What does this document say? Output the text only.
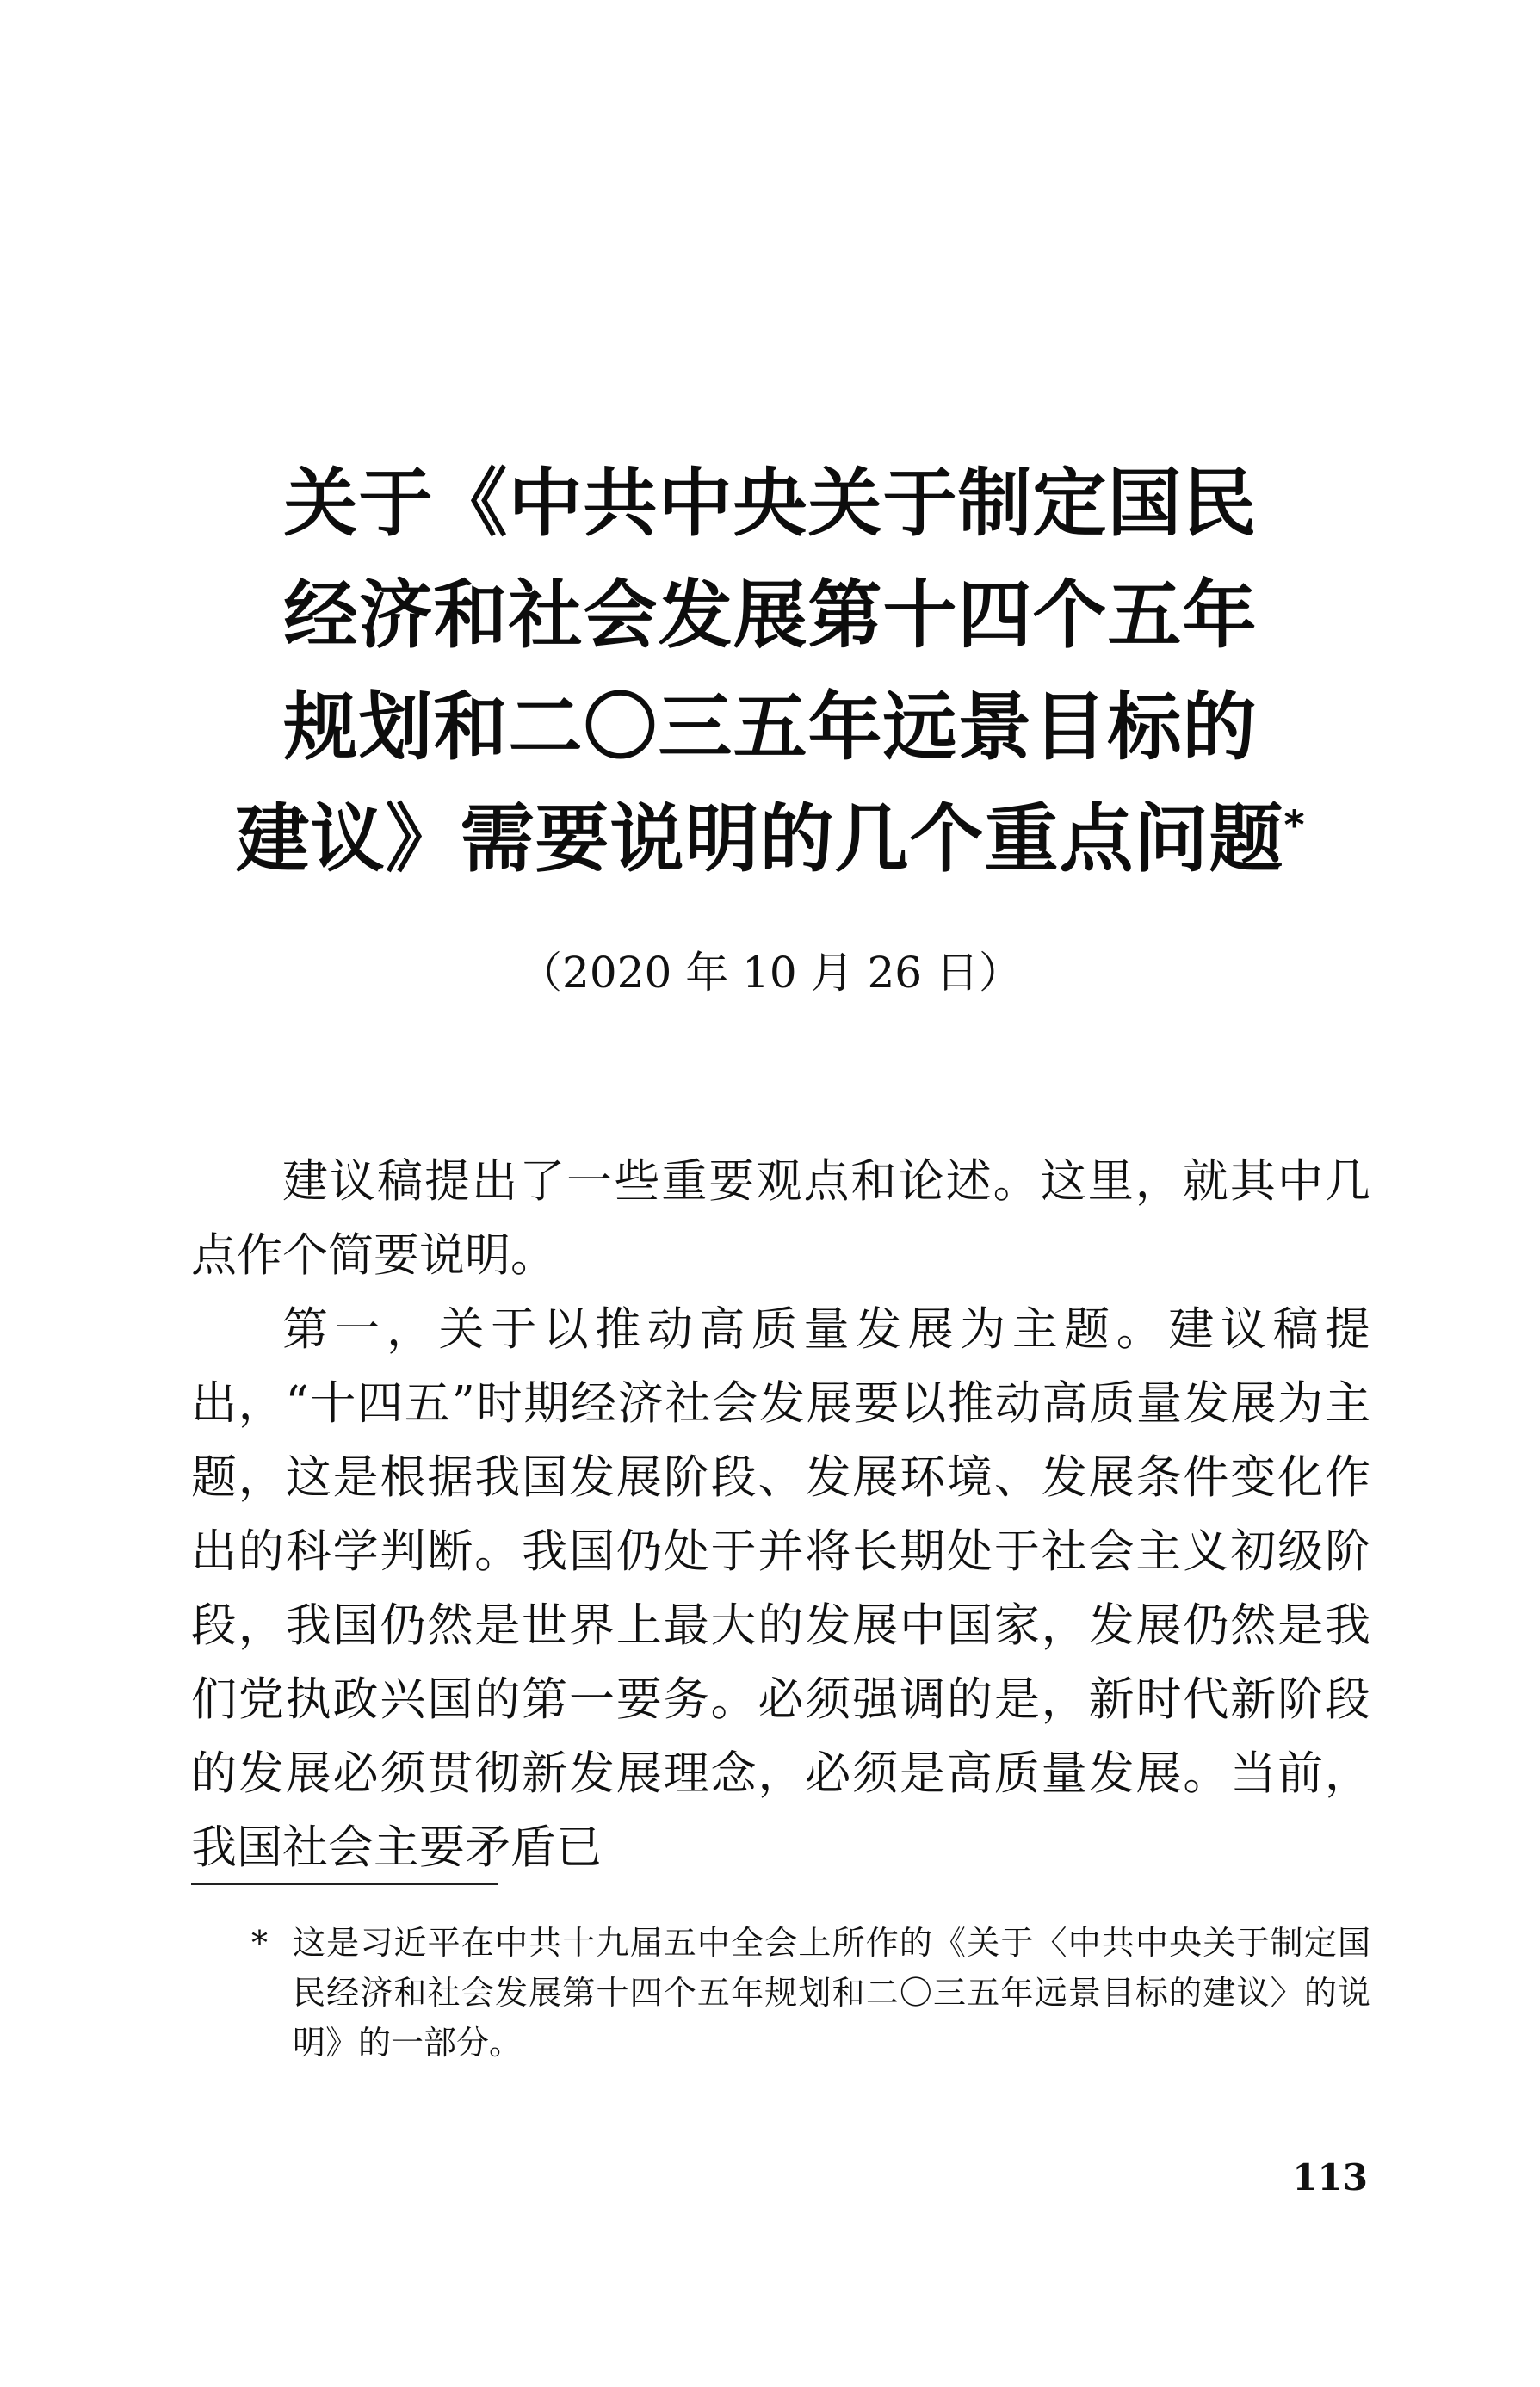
关于《中共中央关于制定国民
经济和社会发展第十四个五年
规划和二〇三五年远景目标的
建议》需要说明的几个重点问题*
（2020 年 10 月 26 日）

建议稿提出了一些重要观点和论述。这里，就其中几点作个简要说明。

第一，关于以推动高质量发展为主题。建议稿提出，“十四五”时期经济社会发展要以推动高质量发展为主题，这是根据我国发展阶段、发展环境、发展条件变化作出的科学判断。我国仍处于并将长期处于社会主义初级阶段，我国仍然是世界上最大的发展中国家，发展仍然是我们党执政兴国的第一要务。必须强调的是，新时代新阶段的发展必须贯彻新发展理念，必须是高质量发展。当前，我国社会主要矛盾已

* 这是习近平在中共十九届五中全会上所作的《关于〈中共中央关于制定国民经济和社会发展第十四个五年规划和二〇三五年远景目标的建议〉的说明》的一部分。
113
